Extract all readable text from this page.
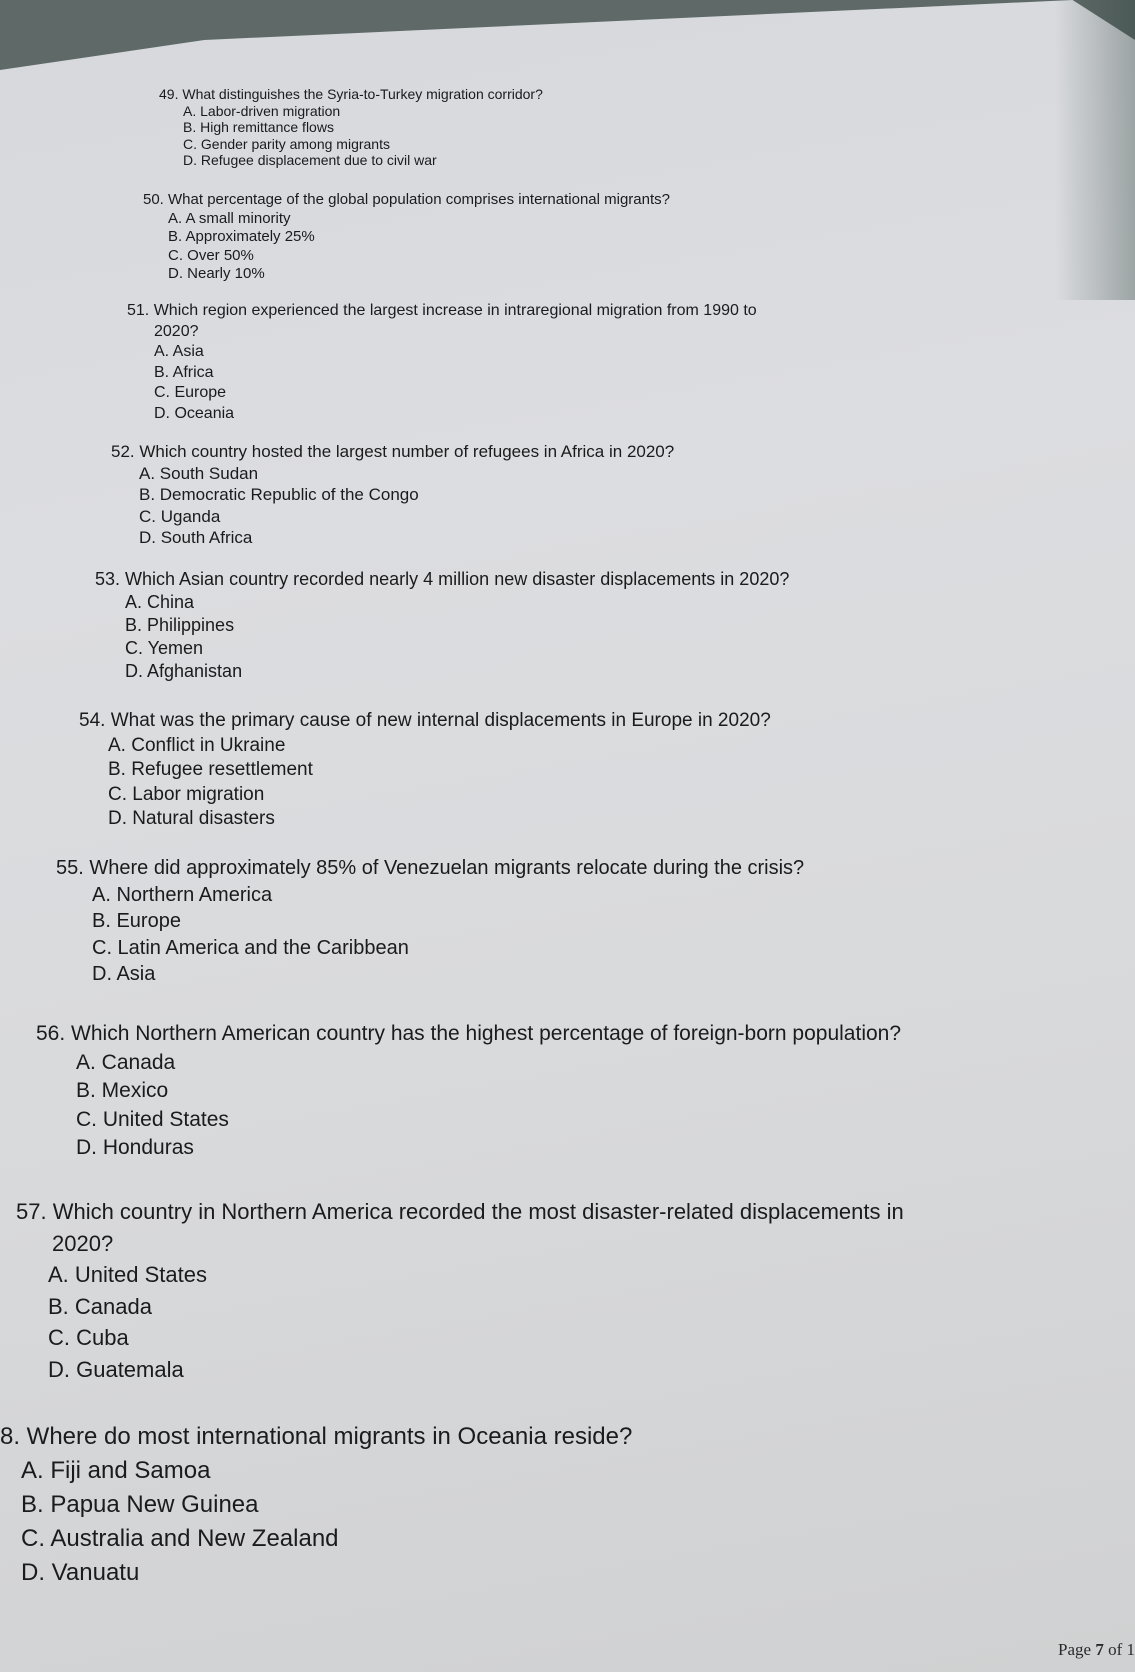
49. What distinguishes the Syria-to-Turkey migration corridor?
A. Labor-driven migration
B. High remittance flows
C. Gender parity among migrants
D. Refugee displacement due to civil war
50. What percentage of the global population comprises international migrants?
A. A small minority
B. Approximately 25%
C. Over 50%
D. Nearly 10%
51. Which region experienced the largest increase in intraregional migration from 1990 to
2020?
A. Asia
B. Africa
C. Europe
D. Oceania
52. Which country hosted the largest number of refugees in Africa in 2020?
A. South Sudan
B. Democratic Republic of the Congo
C. Uganda
D. South Africa
53. Which Asian country recorded nearly 4 million new disaster displacements in 2020?
A. China
B. Philippines
C. Yemen
D. Afghanistan
54. What was the primary cause of new internal displacements in Europe in 2020?
A. Conflict in Ukraine
B. Refugee resettlement
C. Labor migration
D. Natural disasters
55. Where did approximately 85% of Venezuelan migrants relocate during the crisis?
A. Northern America
B. Europe
C. Latin America and the Caribbean
D. Asia
56. Which Northern American country has the highest percentage of foreign-born population?
A. Canada
B. Mexico
C. United States
D. Honduras
57. Which country in Northern America recorded the most disaster-related displacements in
2020?
A. United States
B. Canada
C. Cuba
D. Guatemala
8. Where do most international migrants in Oceania reside?
A. Fiji and Samoa
B. Papua New Guinea
C. Australia and New Zealand
D. Vanuatu
Page 7 of 1
